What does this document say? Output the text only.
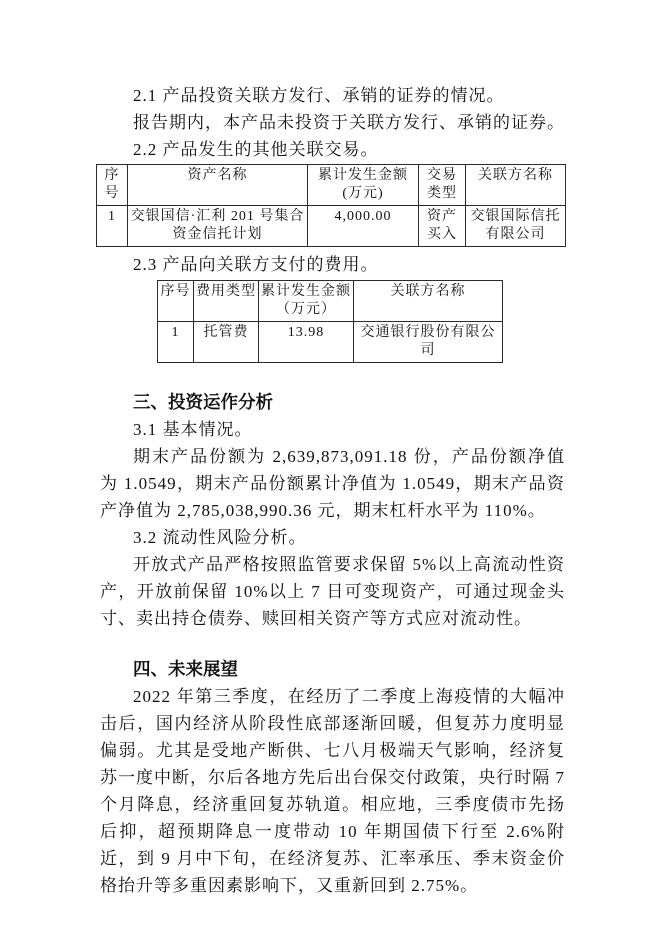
2.1 产品投资关联方发行、承销的证券的情况。

报告期内，本产品未投资于关联方发行、承销的证券。

2.2 产品发生的其他关联交易。

序号	资产名称	累计发生金额(万元)	交易类型	关联方名称
1	交银国信·汇利 201 号集合资金信托计划	4,000.00	资产买入	交银国际信托有限公司

2.3 产品向关联方支付的费用。

序号	费用类型	累计发生金额（万元）	关联方名称
1	托管费	13.98	交通银行股份有限公司

三、投资运作分析

3.1 基本情况。

期末产品份额为 2,639,873,091.18 份，产品份额净值为 1.0549，期末产品份额累计净值为 1.0549，期末产品资产净值为 2,785,038,990.36 元，期末杠杆水平为 110%。

3.2 流动性风险分析。

开放式产品严格按照监管要求保留 5%以上高流动性资产，开放前保留 10%以上 7 日可变现资产，可通过现金头寸、卖出持仓债券、赎回相关资产等方式应对流动性。

四、未来展望

2022 年第三季度，在经历了二季度上海疫情的大幅冲击后，国内经济从阶段性底部逐渐回暖，但复苏力度明显偏弱。尤其是受地产断供、七八月极端天气影响，经济复苏一度中断，尔后各地方先后出台保交付政策，央行时隔 7 个月降息，经济重回复苏轨道。相应地，三季度债市先扬后抑，超预期降息一度带动 10 年期国债下行至 2.6%附近，到 9 月中下旬，在经济复苏、汇率承压、季末资金价格抬升等多重因素影响下，又重新回到 2.75%。
